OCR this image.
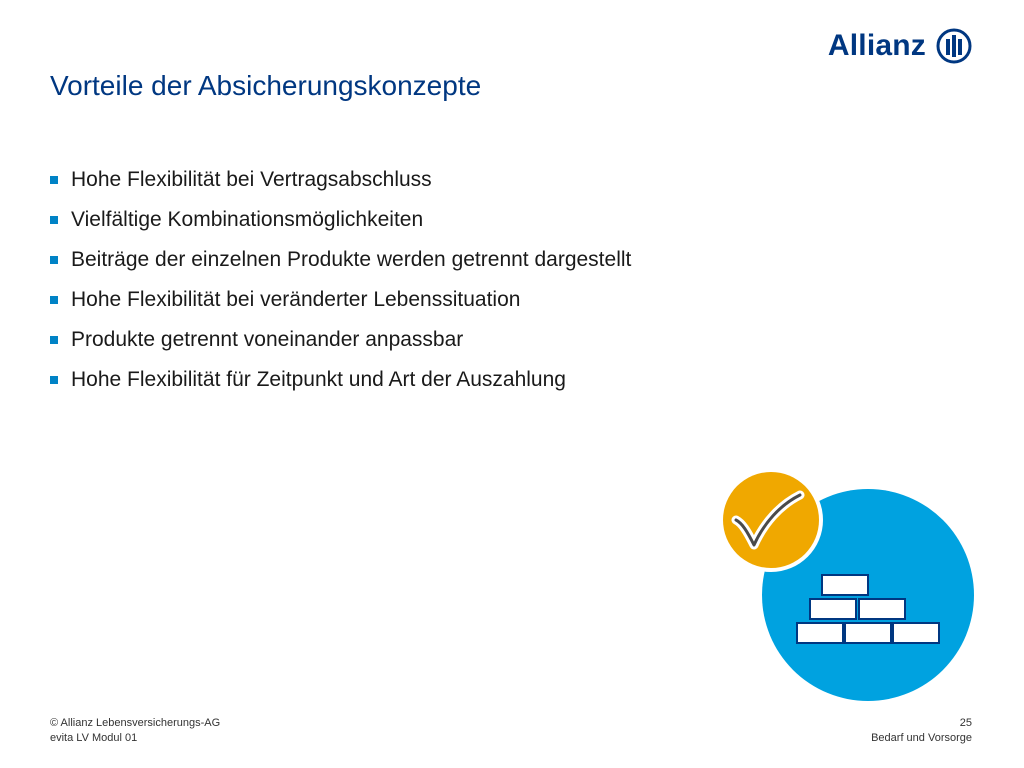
Allianz
Vorteile der Absicherungskonzepte
Hohe Flexibilität bei Vertragsabschluss
Vielfältige Kombinationsmöglichkeiten
Beiträge der einzelnen Produkte werden getrennt dargestellt
Hohe Flexibilität bei veränderter Lebenssituation
Produkte getrennt voneinander anpassbar
Hohe Flexibilität für Zeitpunkt und Art der Auszahlung
© Allianz Lebensversicherungs-AG
evita LV Modul 01
25
Bedarf und Vorsorge
